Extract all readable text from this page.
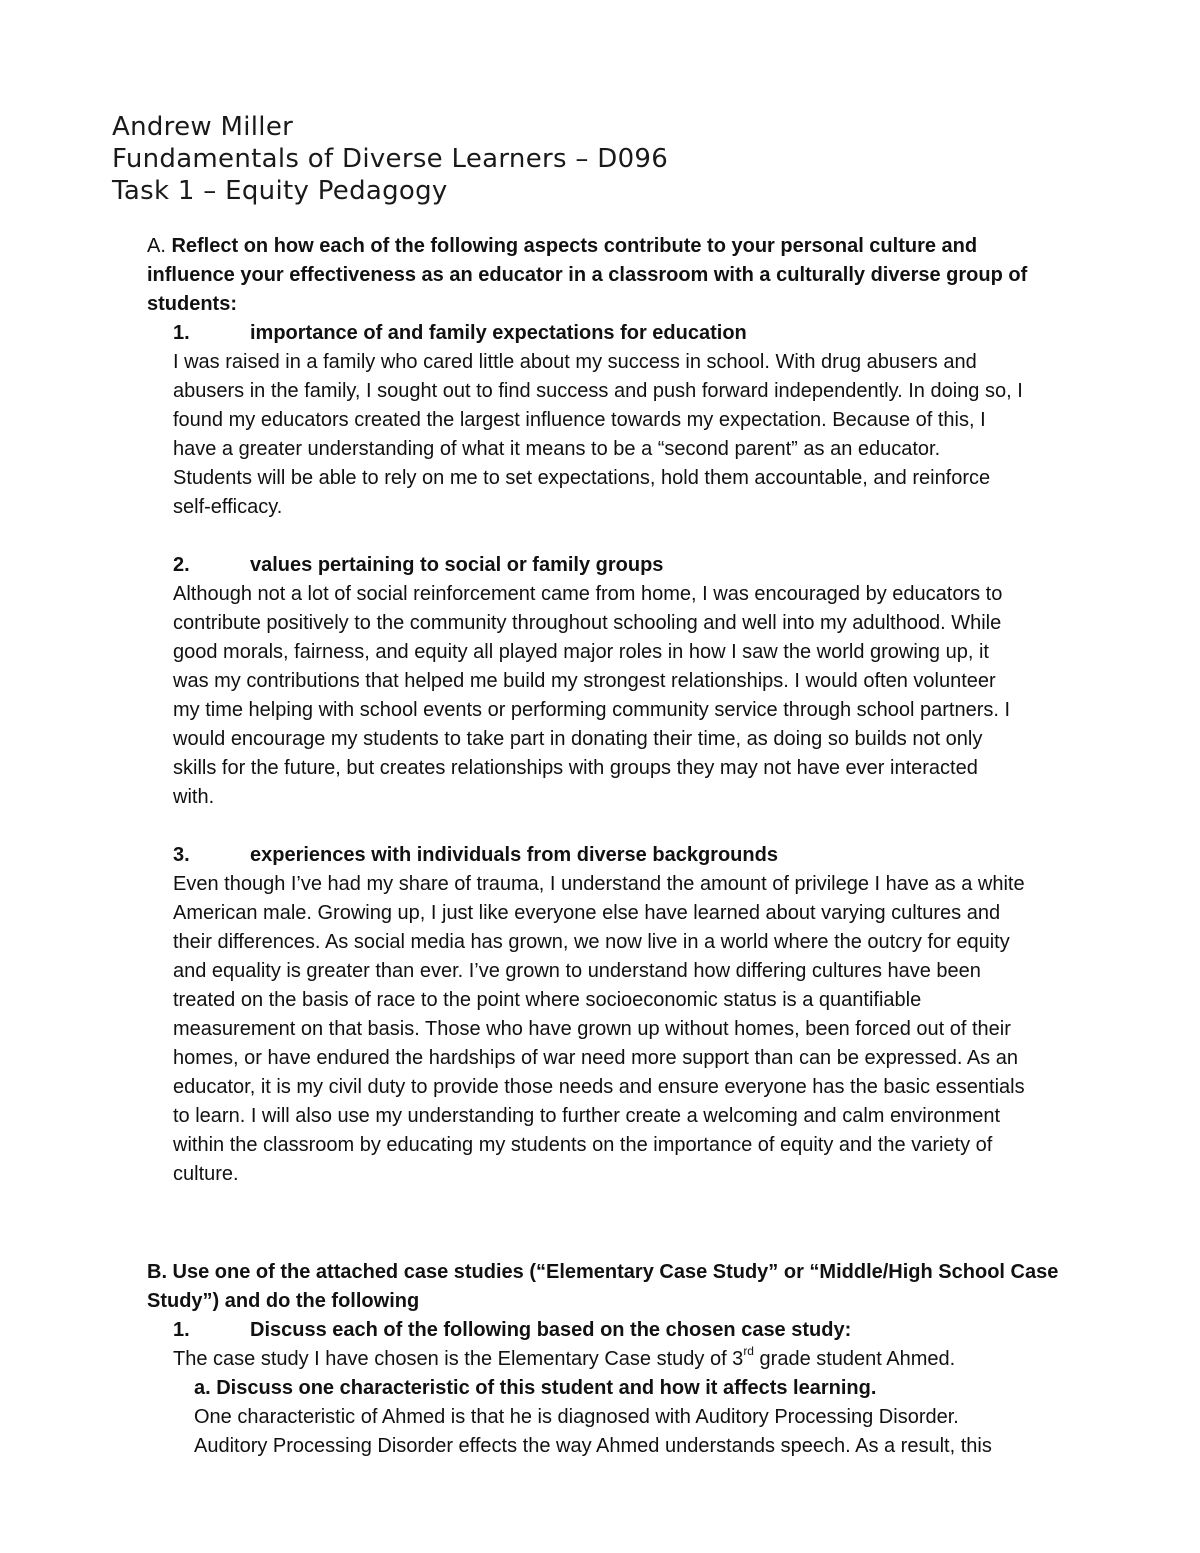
Andrew Miller
Fundamentals of Diverse Learners – D096
Task 1 – Equity Pedagogy
A. Reflect on how each of the following aspects contribute to your personal culture and
influence your effectiveness as an educator in a classroom with a culturally diverse group of
students:
1.	importance of and family expectations for education
I was raised in a family who cared little about my success in school. With drug abusers and
abusers in the family, I sought out to find success and push forward independently. In doing so, I
found my educators created the largest influence towards my expectation. Because of this, I
have a greater understanding of what it means to be a “second parent” as an educator.
Students will be able to rely on me to set expectations, hold them accountable, and reinforce
self-efficacy.
2.	values pertaining to social or family groups
Although not a lot of social reinforcement came from home, I was encouraged by educators to
contribute positively to the community throughout schooling and well into my adulthood. While
good morals, fairness, and equity all played major roles in how I saw the world growing up, it
was my contributions that helped me build my strongest relationships. I would often volunteer
my time helping with school events or performing community service through school partners. I
would encourage my students to take part in donating their time, as doing so builds not only
skills for the future, but creates relationships with groups they may not have ever interacted
with.
3.	experiences with individuals from diverse backgrounds
Even though I’ve had my share of trauma, I understand the amount of privilege I have as a white
American male. Growing up, I just like everyone else have learned about varying cultures and
their differences. As social media has grown, we now live in a world where the outcry for equity
and equality is greater than ever. I’ve grown to understand how differing cultures have been
treated on the basis of race to the point where socioeconomic status is a quantifiable
measurement on that basis. Those who have grown up without homes, been forced out of their
homes, or have endured the hardships of war need more support than can be expressed. As an
educator, it is my civil duty to provide those needs and ensure everyone has the basic essentials
to learn. I will also use my understanding to further create a welcoming and calm environment
within the classroom by educating my students on the importance of equity and the variety of
culture.
B. Use one of the attached case studies (“Elementary Case Study” or “Middle/High School Case
Study”) and do the following
1.	Discuss each of the following based on the chosen case study:
The case study I have chosen is the Elementary Case study of 3rd grade student Ahmed.
a. Discuss one characteristic of this student and how it affects learning.
One characteristic of Ahmed is that he is diagnosed with Auditory Processing Disorder.
Auditory Processing Disorder effects the way Ahmed understands speech. As a result, this
